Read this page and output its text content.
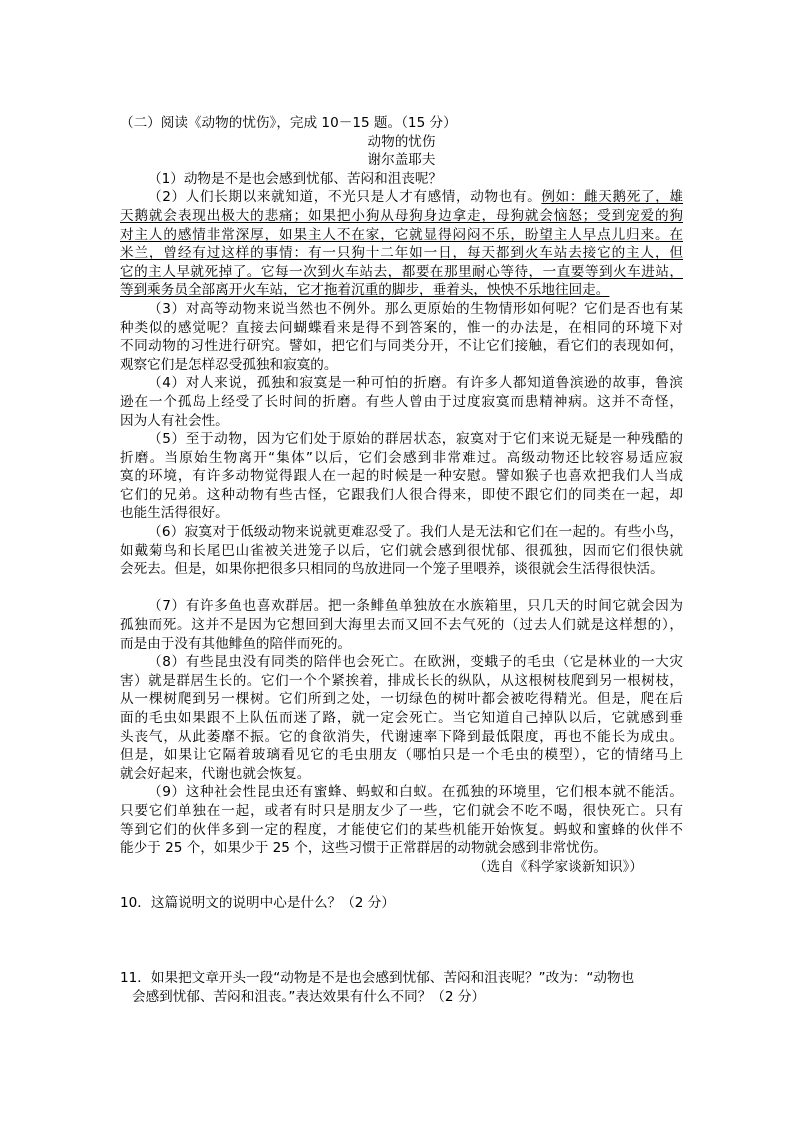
（二）阅读《动物的忧伤》，完成 10－15 题。（15 分）
动物的忧伤
谢尔盖耶夫
（1）动物是不是也会感到忧郁、苦闷和沮丧呢？
（2）人们长期以来就知道，不光只是人才有感情，动物也有。例如：雌天鹅死了，雄
天鹅就会表现出极大的悲痛；如果把小狗从母狗身边拿走，母狗就会恼怒；受到宠爱的狗
对主人的感情非常深厚，如果主人不在家，它就显得闷闷不乐，盼望主人早点儿归来。在
米兰，曾经有过这样的事情：有一只狗十二年如一日，每天都到火车站去接它的主人，但
它的主人早就死掉了。它每一次到火车站去，都要在那里耐心等待，一直要等到火车进站，
等到乘务员全部离开火车站，它才拖着沉重的脚步，垂着头，怏怏不乐地往回走。
（3）对高等动物来说当然也不例外。那么更原始的生物情形如何呢？它们是否也有某
种类似的感觉呢？直接去问蝴蝶看来是得不到答案的，惟一的办法是，在相同的环境下对
不同动物的习性进行研究。譬如，把它们与同类分开，不让它们接触，看它们的表现如何，
观察它们是怎样忍受孤独和寂寞的。
（4）对人来说，孤独和寂寞是一种可怕的折磨。有许多人都知道鲁滨逊的故事，鲁滨
逊在一个孤岛上经受了长时间的折磨。有些人曾由于过度寂寞而患精神病。这并不奇怪，
因为人有社会性。
（5）至于动物，因为它们处于原始的群居状态，寂寞对于它们来说无疑是一种残酷的
折磨。当原始生物离开“集体”以后，它们会感到非常难过。高级动物还比较容易适应寂
寞的环境，有许多动物觉得跟人在一起的时候是一种安慰。譬如猴子也喜欢把我们人当成
它们的兄弟。这种动物有些古怪，它跟我们人很合得来，即使不跟它们的同类在一起，却
也能生活得很好。
（6）寂寞对于低级动物来说就更难忍受了。我们人是无法和它们在一起的。有些小鸟，
如戴菊鸟和长尾巴山雀被关进笼子以后，它们就会感到很忧郁、很孤独，因而它们很快就
会死去。但是，如果你把很多只相同的鸟放进同一个笼子里喂养，谈很就会生活得很快活。
（7）有许多鱼也喜欢群居。把一条鲱鱼单独放在水族箱里，只几天的时间它就会因为
孤独而死。这并不是因为它想回到大海里去而又回不去气死的（过去人们就是这样想的），
而是由于没有其他鲱鱼的陪伴而死的。
（8）有些昆虫没有同类的陪伴也会死亡。在欧洲，变蛾子的毛虫（它是林业的一大灾
害）就是群居生长的。它们一个个紧挨着，排成长长的纵队，从这根树枝爬到另一根树枝，
从一棵树爬到另一棵树。它们所到之处，一切绿色的树叶都会被吃得精光。但是，爬在后
面的毛虫如果跟不上队伍而迷了路，就一定会死亡。当它知道自己掉队以后，它就感到垂
头丧气，从此萎靡不振。它的食欲消失，代谢速率下降到最低限度，再也不能长为成虫。
但是，如果让它隔着玻璃看见它的毛虫朋友（哪怕只是一个毛虫的模型），它的情绪马上
就会好起来，代谢也就会恢复。
（9）这种社会性昆虫还有蜜蜂、蚂蚁和白蚁。在孤独的环境里，它们根本就不能活。
只要它们单独在一起，或者有时只是朋友少了一些，它们就会不吃不喝，很快死亡。只有
等到它们的伙伴多到一定的程度，才能使它们的某些机能开始恢复。蚂蚁和蜜蜂的伙伴不
能少于 25 个，如果少于 25 个，这些习惯于正常群居的动物就会感到非常忧伤。
（选自《科学家谈新知识》）
10．这篇说明文的说明中心是什么？（2 分）
11．如果把文章开头一段“动物是不是也会感到忧郁、苦闷和沮丧呢？”改为：“动物也
会感到忧郁、苦闷和沮丧。”表达效果有什么不同？（2 分）
